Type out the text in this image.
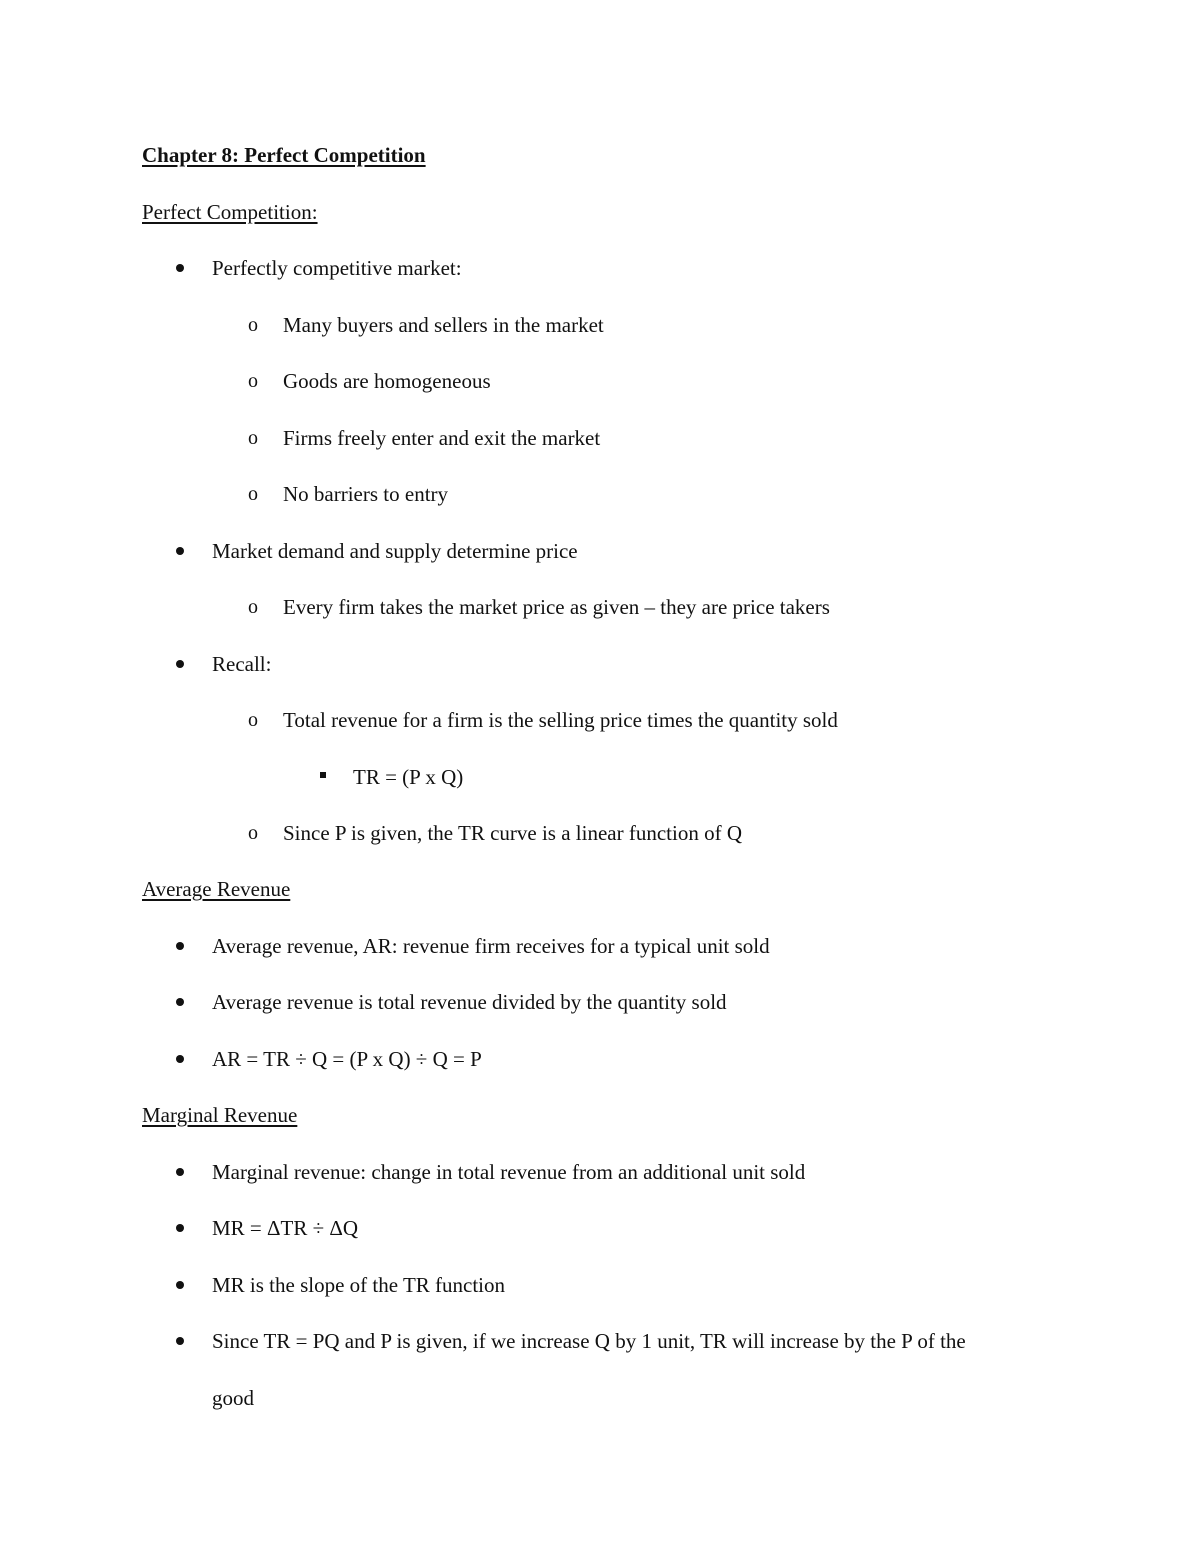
Chapter 8: Perfect Competition
Perfect Competition:
Perfectly competitive market:
o Many buyers and sellers in the market
o Goods are homogeneous
o Firms freely enter and exit the market
o No barriers to entry
Market demand and supply determine price
o Every firm takes the market price as given – they are price takers
Recall:
o Total revenue for a firm is the selling price times the quantity sold
TR = (P x Q)
o Since P is given, the TR curve is a linear function of Q
Average Revenue
Average revenue, AR: revenue firm receives for a typical unit sold
Average revenue is total revenue divided by the quantity sold
AR = TR ÷ Q = (P x Q) ÷ Q = P
Marginal Revenue
Marginal revenue: change in total revenue from an additional unit sold
MR = ΔTR ÷ ΔQ
MR is the slope of the TR function
Since TR = PQ and P is given, if we increase Q by 1 unit, TR will increase by the P of the
good
